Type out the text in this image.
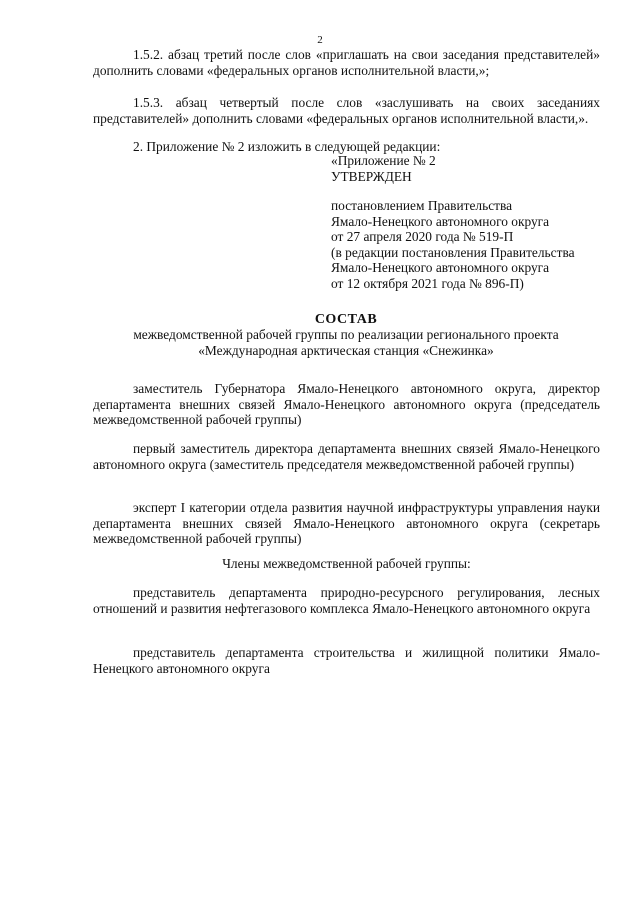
2
1.5.2. абзац третий после слов «приглашать на свои заседания представителей» дополнить словами «федеральных органов исполнительной власти,»;
1.5.3. абзац четвертый после слов «заслушивать на своих заседаниях представителей» дополнить словами «федеральных органов исполнительной власти,».
2. Приложение № 2 изложить в следующей редакции:
«Приложение № 2
УТВЕРЖДЕН
постановлением Правительства
Ямало-Ненецкого автономного округа
от 27 апреля 2020 года № 519-П
(в редакции постановления Правительства
Ямало-Ненецкого автономного округа
от 12 октября 2021 года № 896-П)
СОСТАВ
межведомственной рабочей группы по реализации регионального проекта
«Международная арктическая станция «Снежинка»
заместитель Губернатора Ямало-Ненецкого автономного округа, директор департамента внешних связей Ямало-Ненецкого автономного округа (председатель межведомственной рабочей группы)
первый заместитель директора департамента внешних связей Ямало-Ненецкого автономного округа (заместитель председателя межведомственной рабочей группы)
эксперт I категории отдела развития научной инфраструктуры управления науки департамента внешних связей Ямало-Ненецкого автономного округа (секретарь межведомственной рабочей группы)
Члены межведомственной рабочей группы:
представитель департамента природно-ресурсного регулирования, лесных отношений и развития нефтегазового комплекса Ямало-Ненецкого автономного округа
представитель департамента строительства и жилищной политики Ямало-Ненецкого автономного округа
